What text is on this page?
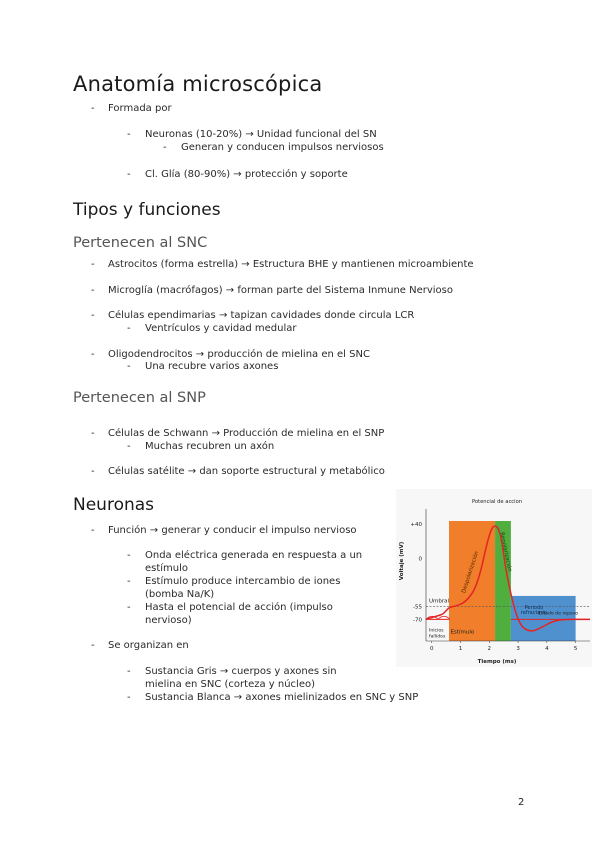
Anatomía microscópica
- Formada por
- Neuronas (10-20%) → Unidad funcional del SN
- Generan y conducen impulsos nerviosos
- Cl. Glía (80-90%) → protección y soporte
Tipos y funciones
Pertenecen al SNC
- Astrocitos (forma estrella) → Estructura BHE y mantienen microambiente
- Microglía (macrófagos) → forman parte del Sistema Inmune Nervioso
- Células ependimarias → tapizan cavidades donde circula LCR
- Ventrículos y cavidad medular
- Oligodendrocitos → producción de mielina en el SNC
- Una recubre varios axones
Pertenecen al SNP
- Células de Schwann → Producción de mielina en el SNP
- Muchas recubren un axón
- Células satélite → dan soporte estructural y metabólico
Neuronas
- Función → generar y conducir el impulso nervioso
- Onda eléctrica generada en respuesta a un
estímulo
- Estímulo produce intercambio de iones
(bomba Na/K)
- Hasta el potencial de acción (impulso
nervioso)
- Se organizan en
- Sustancia Gris → cuerpos y axones sin
mielina en SNC (corteza y núcleo)
- Sustancia Blanca → axones mielinizados en SNC y SNP
Potencial de accion
Despolarización	Repolarización
Periodo
refractario
0	1	2	3	4	5
+40
0
-55
-70
Tiempo (ms)
Voltaje (mV)
Umbral
Inicios
fallidos
Estímulo
Estado de reposo
2
